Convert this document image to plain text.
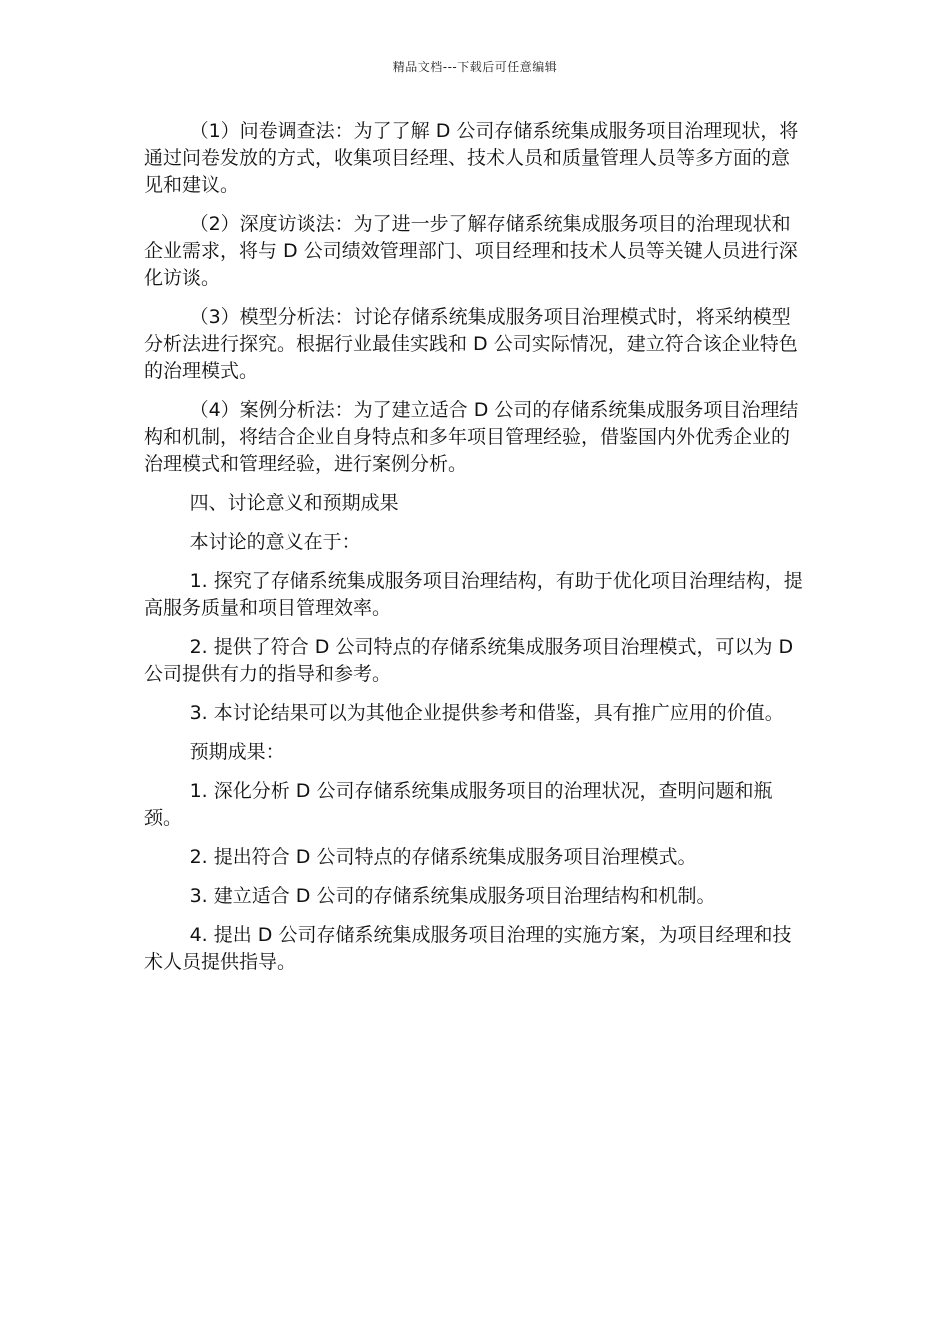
精品文档---下载后可任意编辑

（1）问卷调查法：为了了解 D 公司存储系统集成服务项目治理现状，将通过问卷发放的方式，收集项目经理、技术人员和质量管理人员等多方面的意见和建议。

（2）深度访谈法：为了进一步了解存储系统集成服务项目的治理现状和企业需求，将与 D 公司绩效管理部门、项目经理和技术人员等关键人员进行深化访谈。

（3）模型分析法：讨论存储系统集成服务项目治理模式时，将采纳模型分析法进行探究。根据行业最佳实践和 D 公司实际情况，建立符合该企业特色的治理模式。

（4）案例分析法：为了建立适合 D 公司的存储系统集成服务项目治理结构和机制，将结合企业自身特点和多年项目管理经验，借鉴国内外优秀企业的治理模式和管理经验，进行案例分析。

四、讨论意义和预期成果

本讨论的意义在于：

1. 探究了存储系统集成服务项目治理结构，有助于优化项目治理结构，提高服务质量和项目管理效率。

2. 提供了符合 D 公司特点的存储系统集成服务项目治理模式，可以为 D 公司提供有力的指导和参考。

3. 本讨论结果可以为其他企业提供参考和借鉴，具有推广应用的价值。

预期成果：

1. 深化分析 D 公司存储系统集成服务项目的治理状况，查明问题和瓶颈。

2. 提出符合 D 公司特点的存储系统集成服务项目治理模式。

3. 建立适合 D 公司的存储系统集成服务项目治理结构和机制。

4. 提出 D 公司存储系统集成服务项目治理的实施方案，为项目经理和技术人员提供指导。
